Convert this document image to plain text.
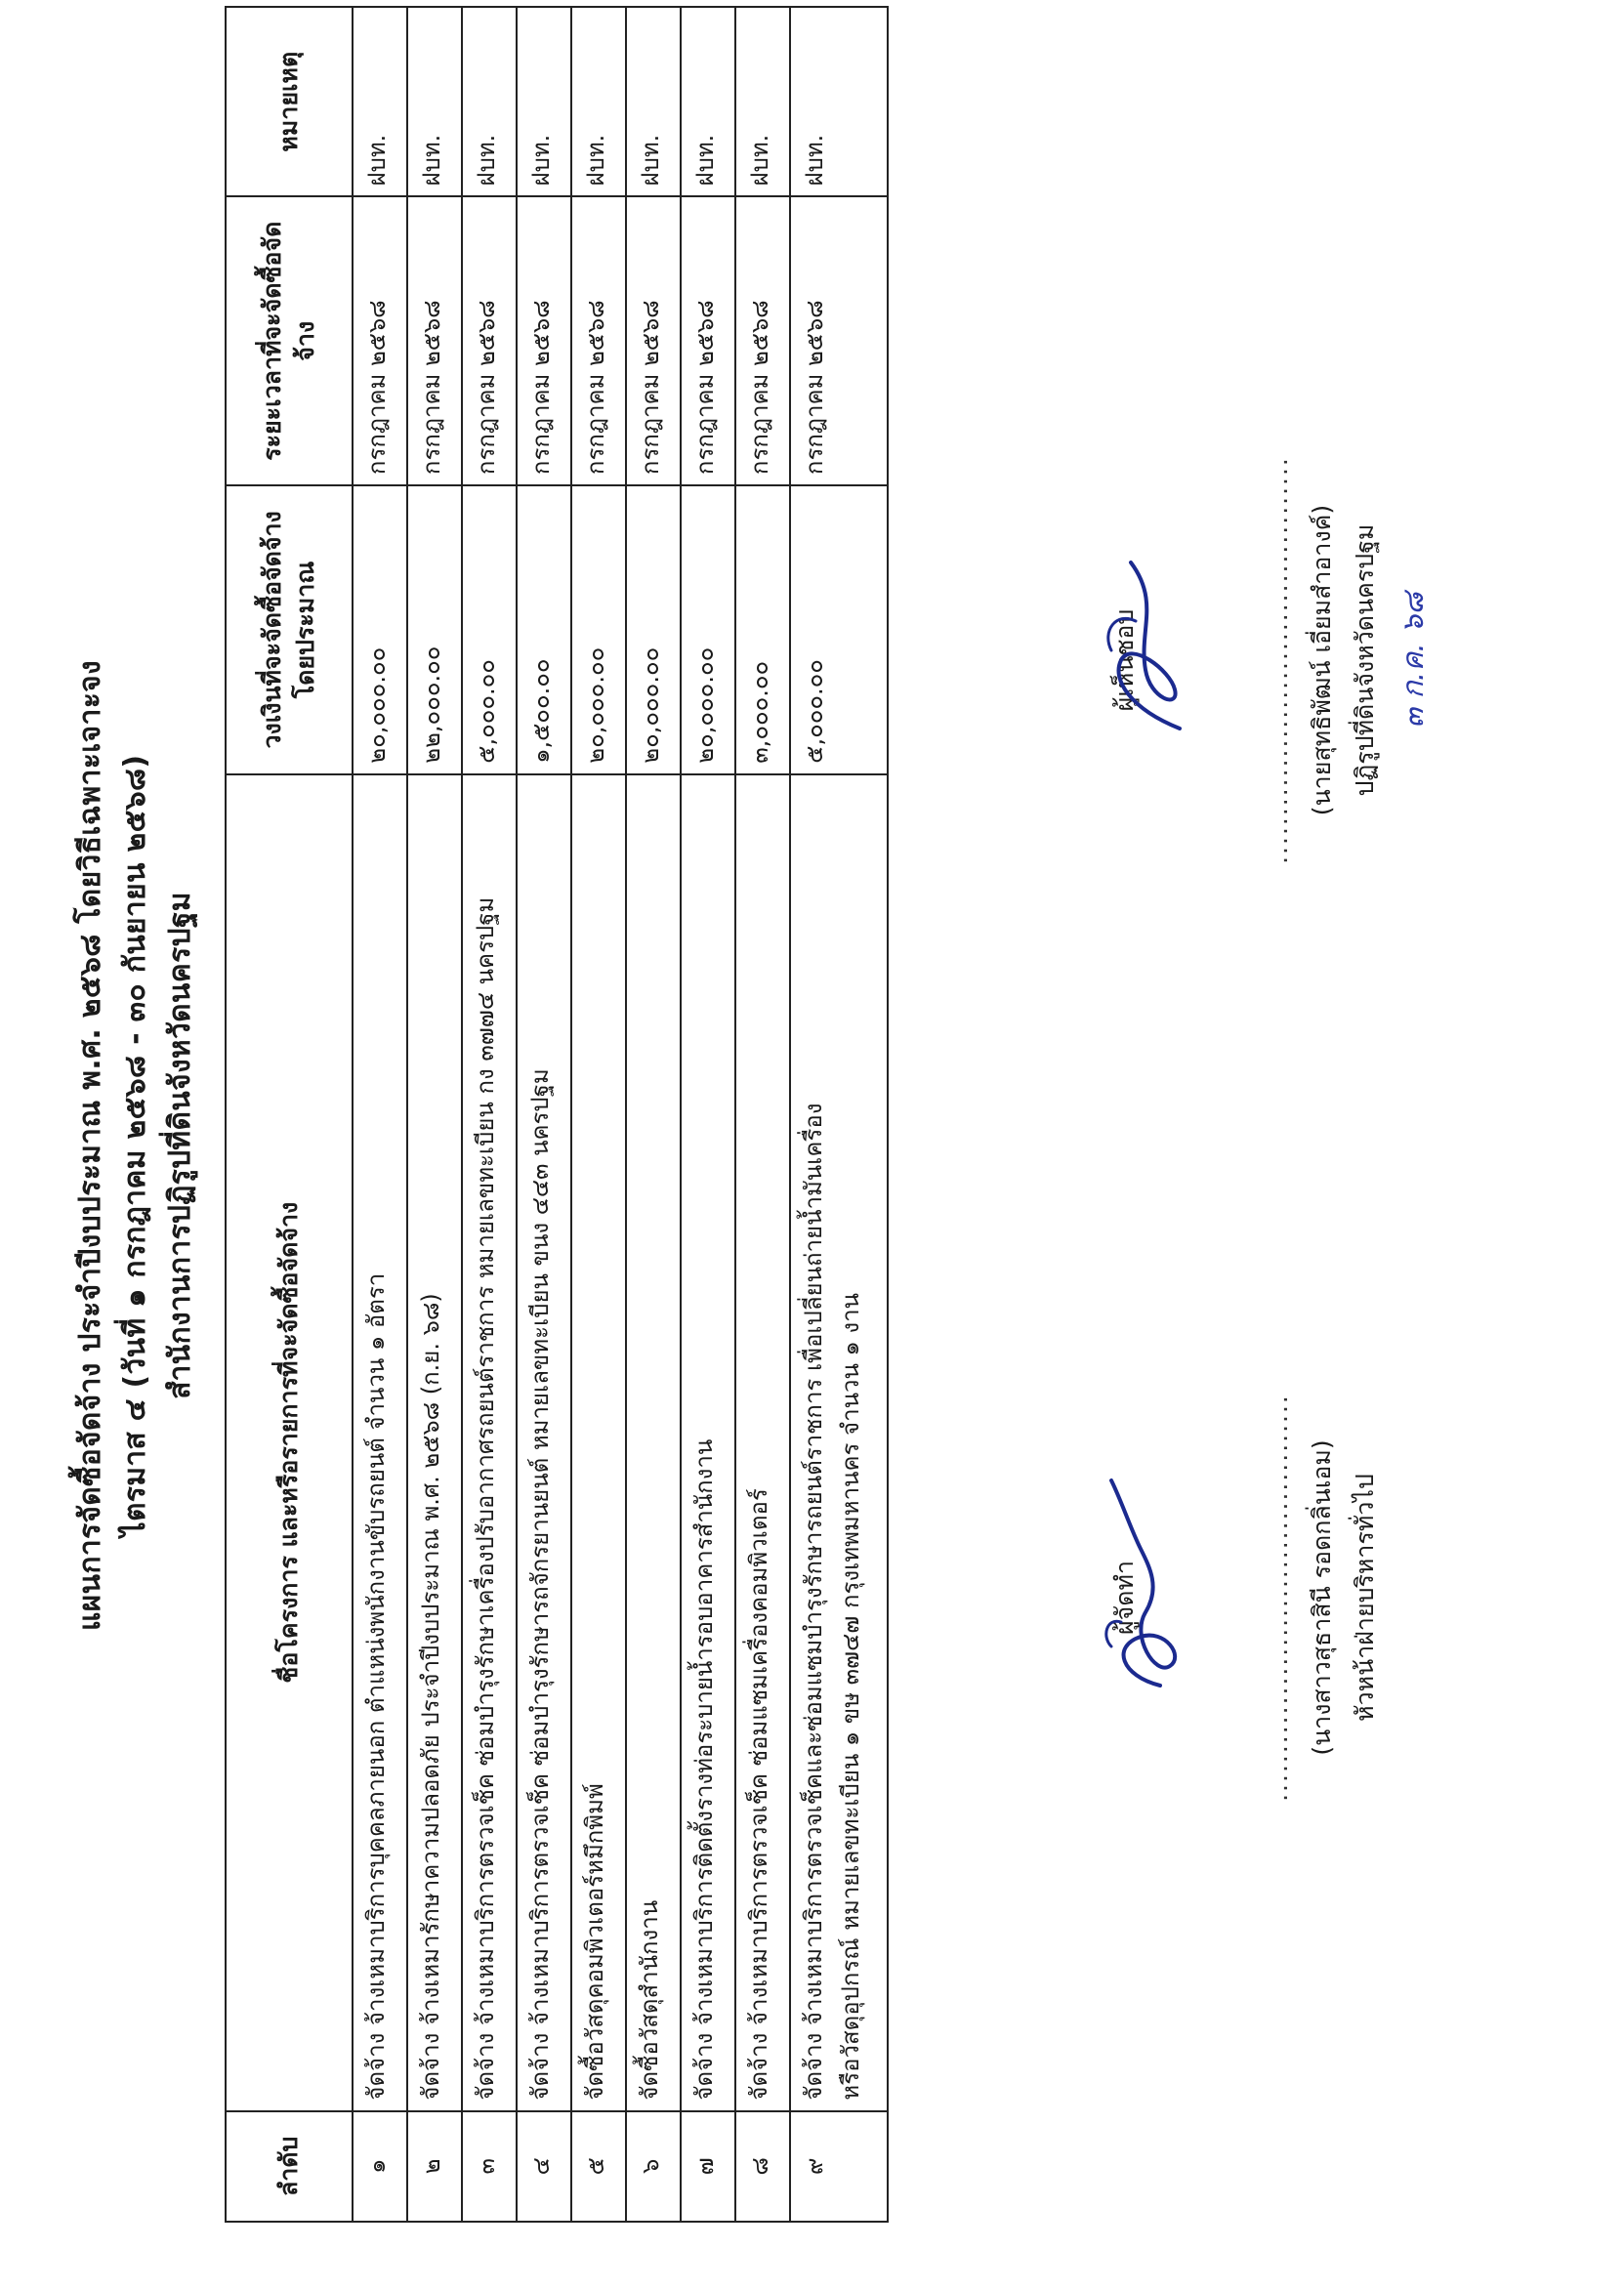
แผนการจัดซื้อจัดจ้าง ประจำปีงบประมาณ พ.ศ. ๒๕๖๘ โดยวิธีเฉพาะเจาะจง ไตรมาส ๔ (วันที่ ๑ กรกฎาคม ๒๕๖๘ - ๓๐ กันยายน ๒๕๖๘) สำนักงานการปฏิรูปที่ดินจังหวัดนครปฐม
ลำดับ	ชื่อโครงการ และหรือรายการที่จะจัดซื้อจัดจ้าง	วงเงินที่จะจัดซื้อจัดจ้างโดยประมาณ	ระยะเวลาที่จะจัดซื้อจัดจ้าง	หมายเหตุ
๑	จัดจ้าง จ้างเหมาบริการบุคคลภายนอก ตำแหน่งพนักงานขับรถยนต์ จำนวน ๑ อัตรา	๒๐,๐๐๐.๐๐	กรกฎาคม ๒๕๖๘	ฝบท.
๒	จัดจ้าง จ้างเหมารักษาความปลอดภัย ประจำปีงบประมาณ พ.ศ. ๒๕๖๘ (ก.ย. ๖๘)	๒๒,๐๐๐.๐๐	กรกฎาคม ๒๕๖๘	ฝบท.
๓	จัดจ้าง จ้างเหมาบริการตรวจเช็ค ซ่อมบำรุงรักษาเครื่องปรับอากาศรถยนต์ราชการ หมายเลขทะเบียน กง ๓๗๗๔ นครปฐม	๕,๐๐๐.๐๐	กรกฎาคม ๒๕๖๘	ฝบท.
๔	จัดจ้าง จ้างเหมาบริการตรวจเช็ค ซ่อมบำรุงรักษารถจักรยานยนต์ หมายเลขทะเบียน ขนง ๔๔๓ นครปฐม	๑,๕๐๐.๐๐	กรกฎาคม ๒๕๖๘	ฝบท.
๕	จัดซื้อวัสดุคอมพิวเตอร์หมึกพิมพ์	๒๐,๐๐๐.๐๐	กรกฎาคม ๒๕๖๘	ฝบท.
๖	จัดซื้อวัสดุสำนักงาน	๒๐,๐๐๐.๐๐	กรกฎาคม ๒๕๖๘	ฝบท.
๗	จัดจ้าง จ้างเหมาบริการติดตั้งรางท่อระบายน้ำรอบอาคารสำนักงาน	๒๐,๐๐๐.๐๐	กรกฎาคม ๒๕๖๘	ฝบท.
๘	จัดจ้าง จ้างเหมาบริการตรวจเช็ค ซ่อมแซมเครื่องคอมพิวเตอร์	๓,๐๐๐.๐๐	กรกฎาคม ๒๕๖๘	ฝบท.
๙	จัดจ้าง จ้างเหมาบริการตรวจเช็คและซ่อมแซมบำรุงรักษารถยนต์ราชการ เพื่อเปลี่ยนถ่ายน้ำมันเครื่อง หรือวัสดุอุปกรณ์ หมายเลขทะเบียน ๑ ขษ ๓๗๔๗ กรุงเทพมหานคร จำนวน ๑ งาน	๕,๐๐๐.๐๐	กรกฎาคม ๒๕๖๘	ฝบท.
ผู้จัดทำ	.......................................... (นางสาวสุธาสินี รอดกลิ่นเอม) หัวหน้าฝ่ายบริหารทั่วไป
ผู้เห็นชอบ	.......................................... (นายสุทธิพัฒน์ เอี่ยมสำอางค์) ปฏิรูปที่ดินจังหวัดนครปฐม ๓ ก.ค. ๖๘
